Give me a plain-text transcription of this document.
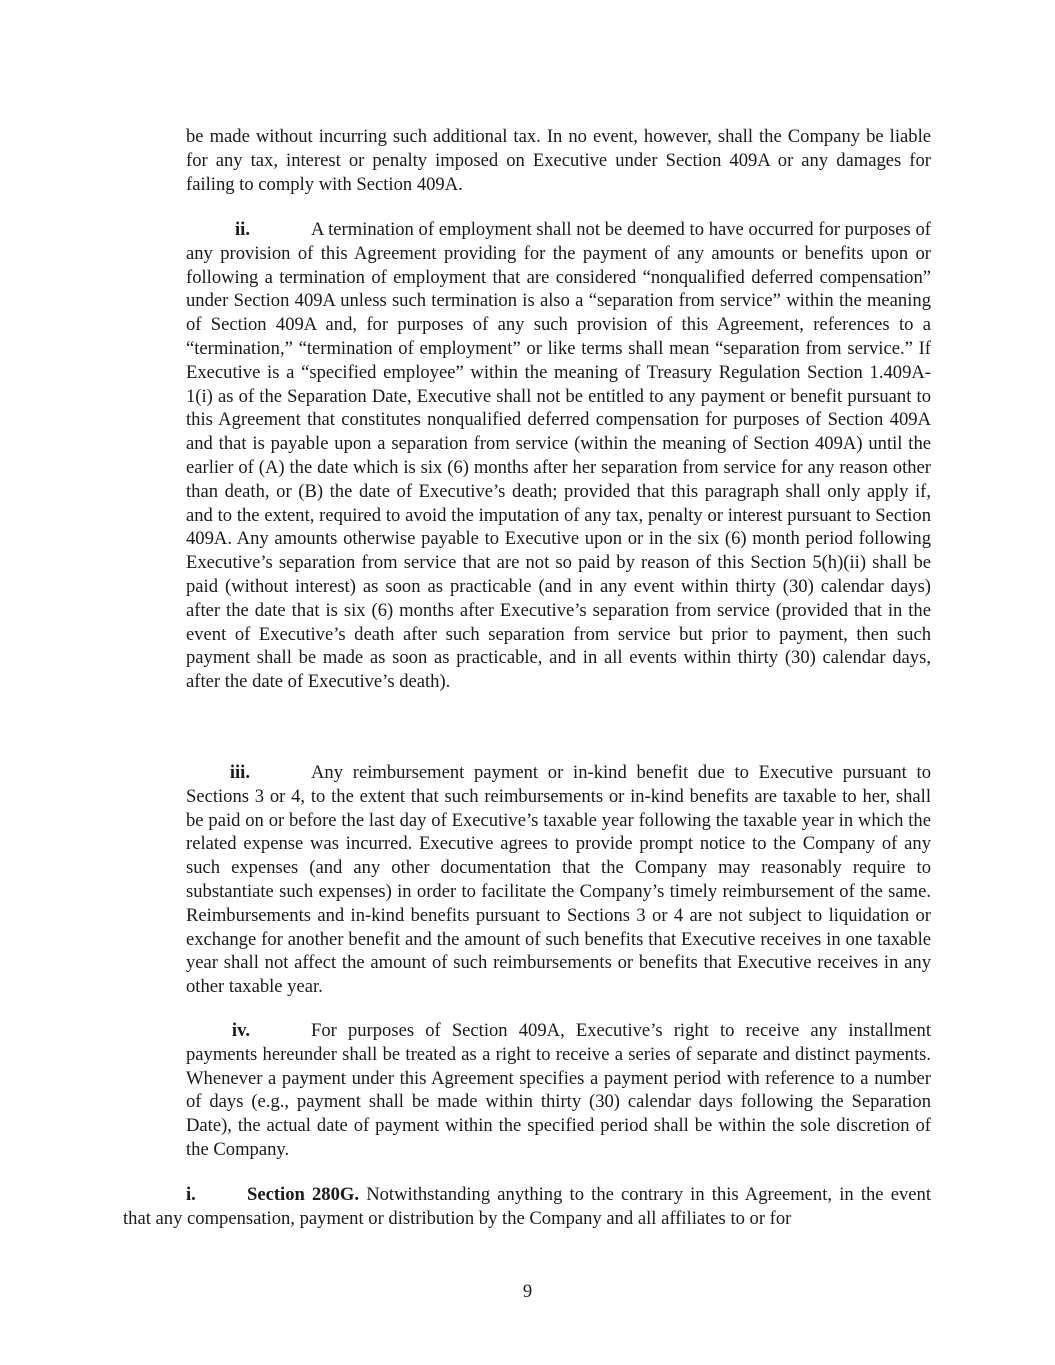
be made without incurring such additional tax. In no event, however, shall the Company be liable for any tax, interest or penalty imposed on Executive under Section 409A or any damages for failing to comply with Section 409A.

ii.	A termination of employment shall not be deemed to have occurred for purposes of any provision of this Agreement providing for the payment of any amounts or benefits upon or following a termination of employment that are considered “nonqualified deferred compensation” under Section 409A unless such termination is also a “separation from service” within the meaning of Section 409A and, for purposes of any such provision of this Agreement, references to a “termination,” “termination of employment” or like terms shall mean “separation from service.” If Executive is a “specified employee” within the meaning of Treasury Regulation Section 1.409A-1(i) as of the Separation Date, Executive shall not be entitled to any payment or benefit pursuant to this Agreement that constitutes nonqualified deferred compensation for purposes of Section 409A and that is payable upon a separation from service (within the meaning of Section 409A) until the earlier of (A) the date which is six (6) months after her separation from service for any reason other than death, or (B) the date of Executive’s death; provided that this paragraph shall only apply if, and to the extent, required to avoid the imputation of any tax, penalty or interest pursuant to Section 409A. Any amounts otherwise payable to Executive upon or in the six (6) month period following Executive’s separation from service that are not so paid by reason of this Section 5(h)(ii) shall be paid (without interest) as soon as practicable (and in any event within thirty (30) calendar days) after the date that is six (6) months after Executive’s separation from service (provided that in the event of Executive’s death after such separation from service but prior to payment, then such payment shall be made as soon as practicable, and in all events within thirty (30) calendar days, after the date of Executive’s death).

iii.	Any reimbursement payment or in-kind benefit due to Executive pursuant to Sections 3 or 4, to the extent that such reimbursements or in-kind benefits are taxable to her, shall be paid on or before the last day of Executive’s taxable year following the taxable year in which the related expense was incurred. Executive agrees to provide prompt notice to the Company of any such expenses (and any other documentation that the Company may reasonably require to substantiate such expenses) in order to facilitate the Company’s timely reimbursement of the same. Reimbursements and in-kind benefits pursuant to Sections 3 or 4 are not subject to liquidation or exchange for another benefit and the amount of such benefits that Executive receives in one taxable year shall not affect the amount of such reimbursements or benefits that Executive receives in any other taxable year.

iv.	For purposes of Section 409A, Executive’s right to receive any installment payments hereunder shall be treated as a right to receive a series of separate and distinct payments. Whenever a payment under this Agreement specifies a payment period with reference to a number of days (e.g., payment shall be made within thirty (30) calendar days following the Separation Date), the actual date of payment within the specified period shall be within the sole discretion of the Company.

i.	Section 280G. Notwithstanding anything to the contrary in this Agreement, in the event that any compensation, payment or distribution by the Company and all affiliates to or for

9
